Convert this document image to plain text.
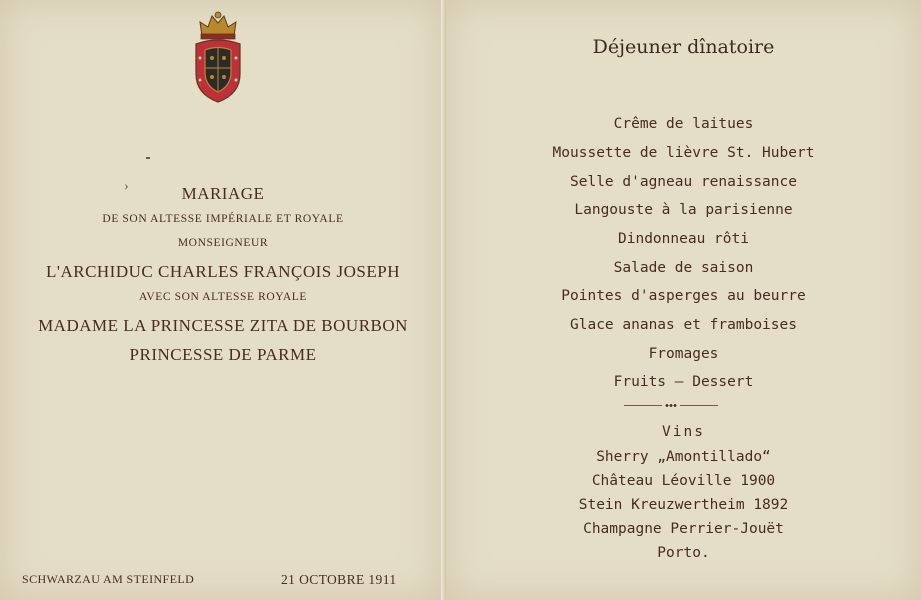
›	MARIAGE
DE SON ALTESSE IMPÉRIALE ET ROYALE
MONSEIGNEUR
L'ARCHIDUC CHARLES FRANÇOIS JOSEPH
AVEC SON ALTESSE ROYALE
MADAME LA PRINCESSE ZITA DE BOURBON
PRINCESSE DE PARME
SCHWARZAU AM STEINFELD	21 OCTOBRE 1911
Déjeuner dînatoire
Crême de laitues
Moussette de lièvre St. Hubert
Selle d'agneau renaissance
Langouste à la parisienne
Dindonneau rôti
Salade de saison
Pointes d'asperges au beurre
Glace ananas et framboises
Fromages
Fruits — Dessert
Vins
Sherry „Amontillado“
Château Léoville 1900
Stein Kreuzwertheim 1892
Champagne Perrier-Jouët
Porto.
